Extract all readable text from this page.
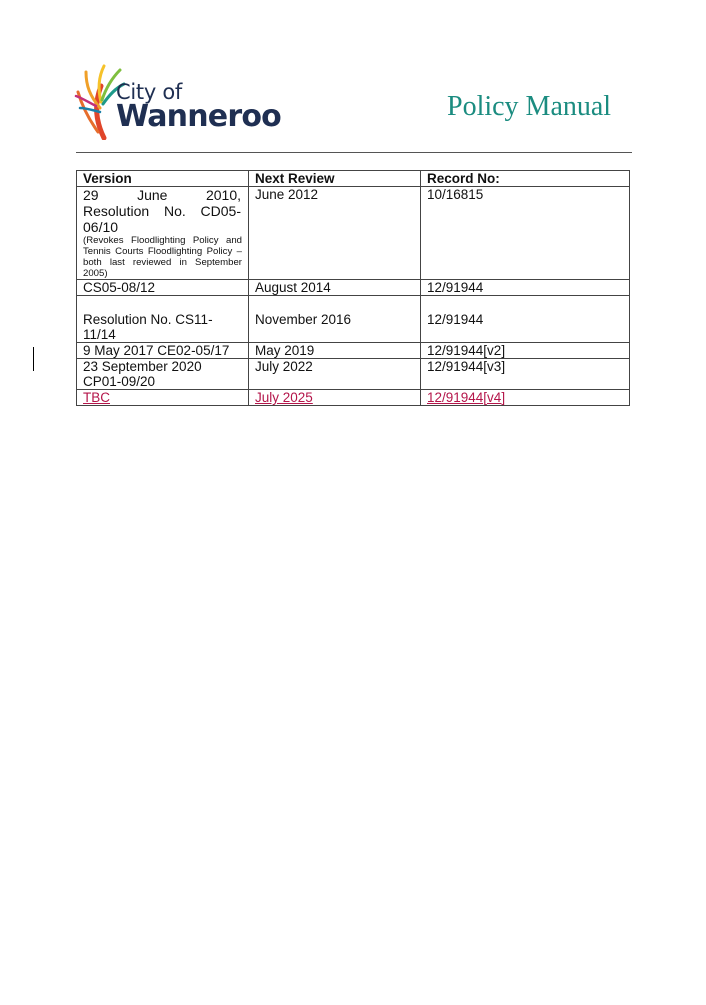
City of
Wanneroo	Policy Manual
Version	Next Review	Record No:

29 June 2010, Resolution No. CD05-06/10
(Revokes Floodlighting Policy and Tennis Courts Floodlighting Policy – both last reviewed in September 2005)	June 2012	10/16815
CS05-08/12	August 2014	12/91944
Resolution No. CS11-11/14	November 2016	12/91944
9 May 2017 CE02-05/17	May 2019	12/91944[v2]
23 September 2020 CP01-09/20	July 2022	12/91944[v3]
TBC	July 2025	12/91944[v4]
